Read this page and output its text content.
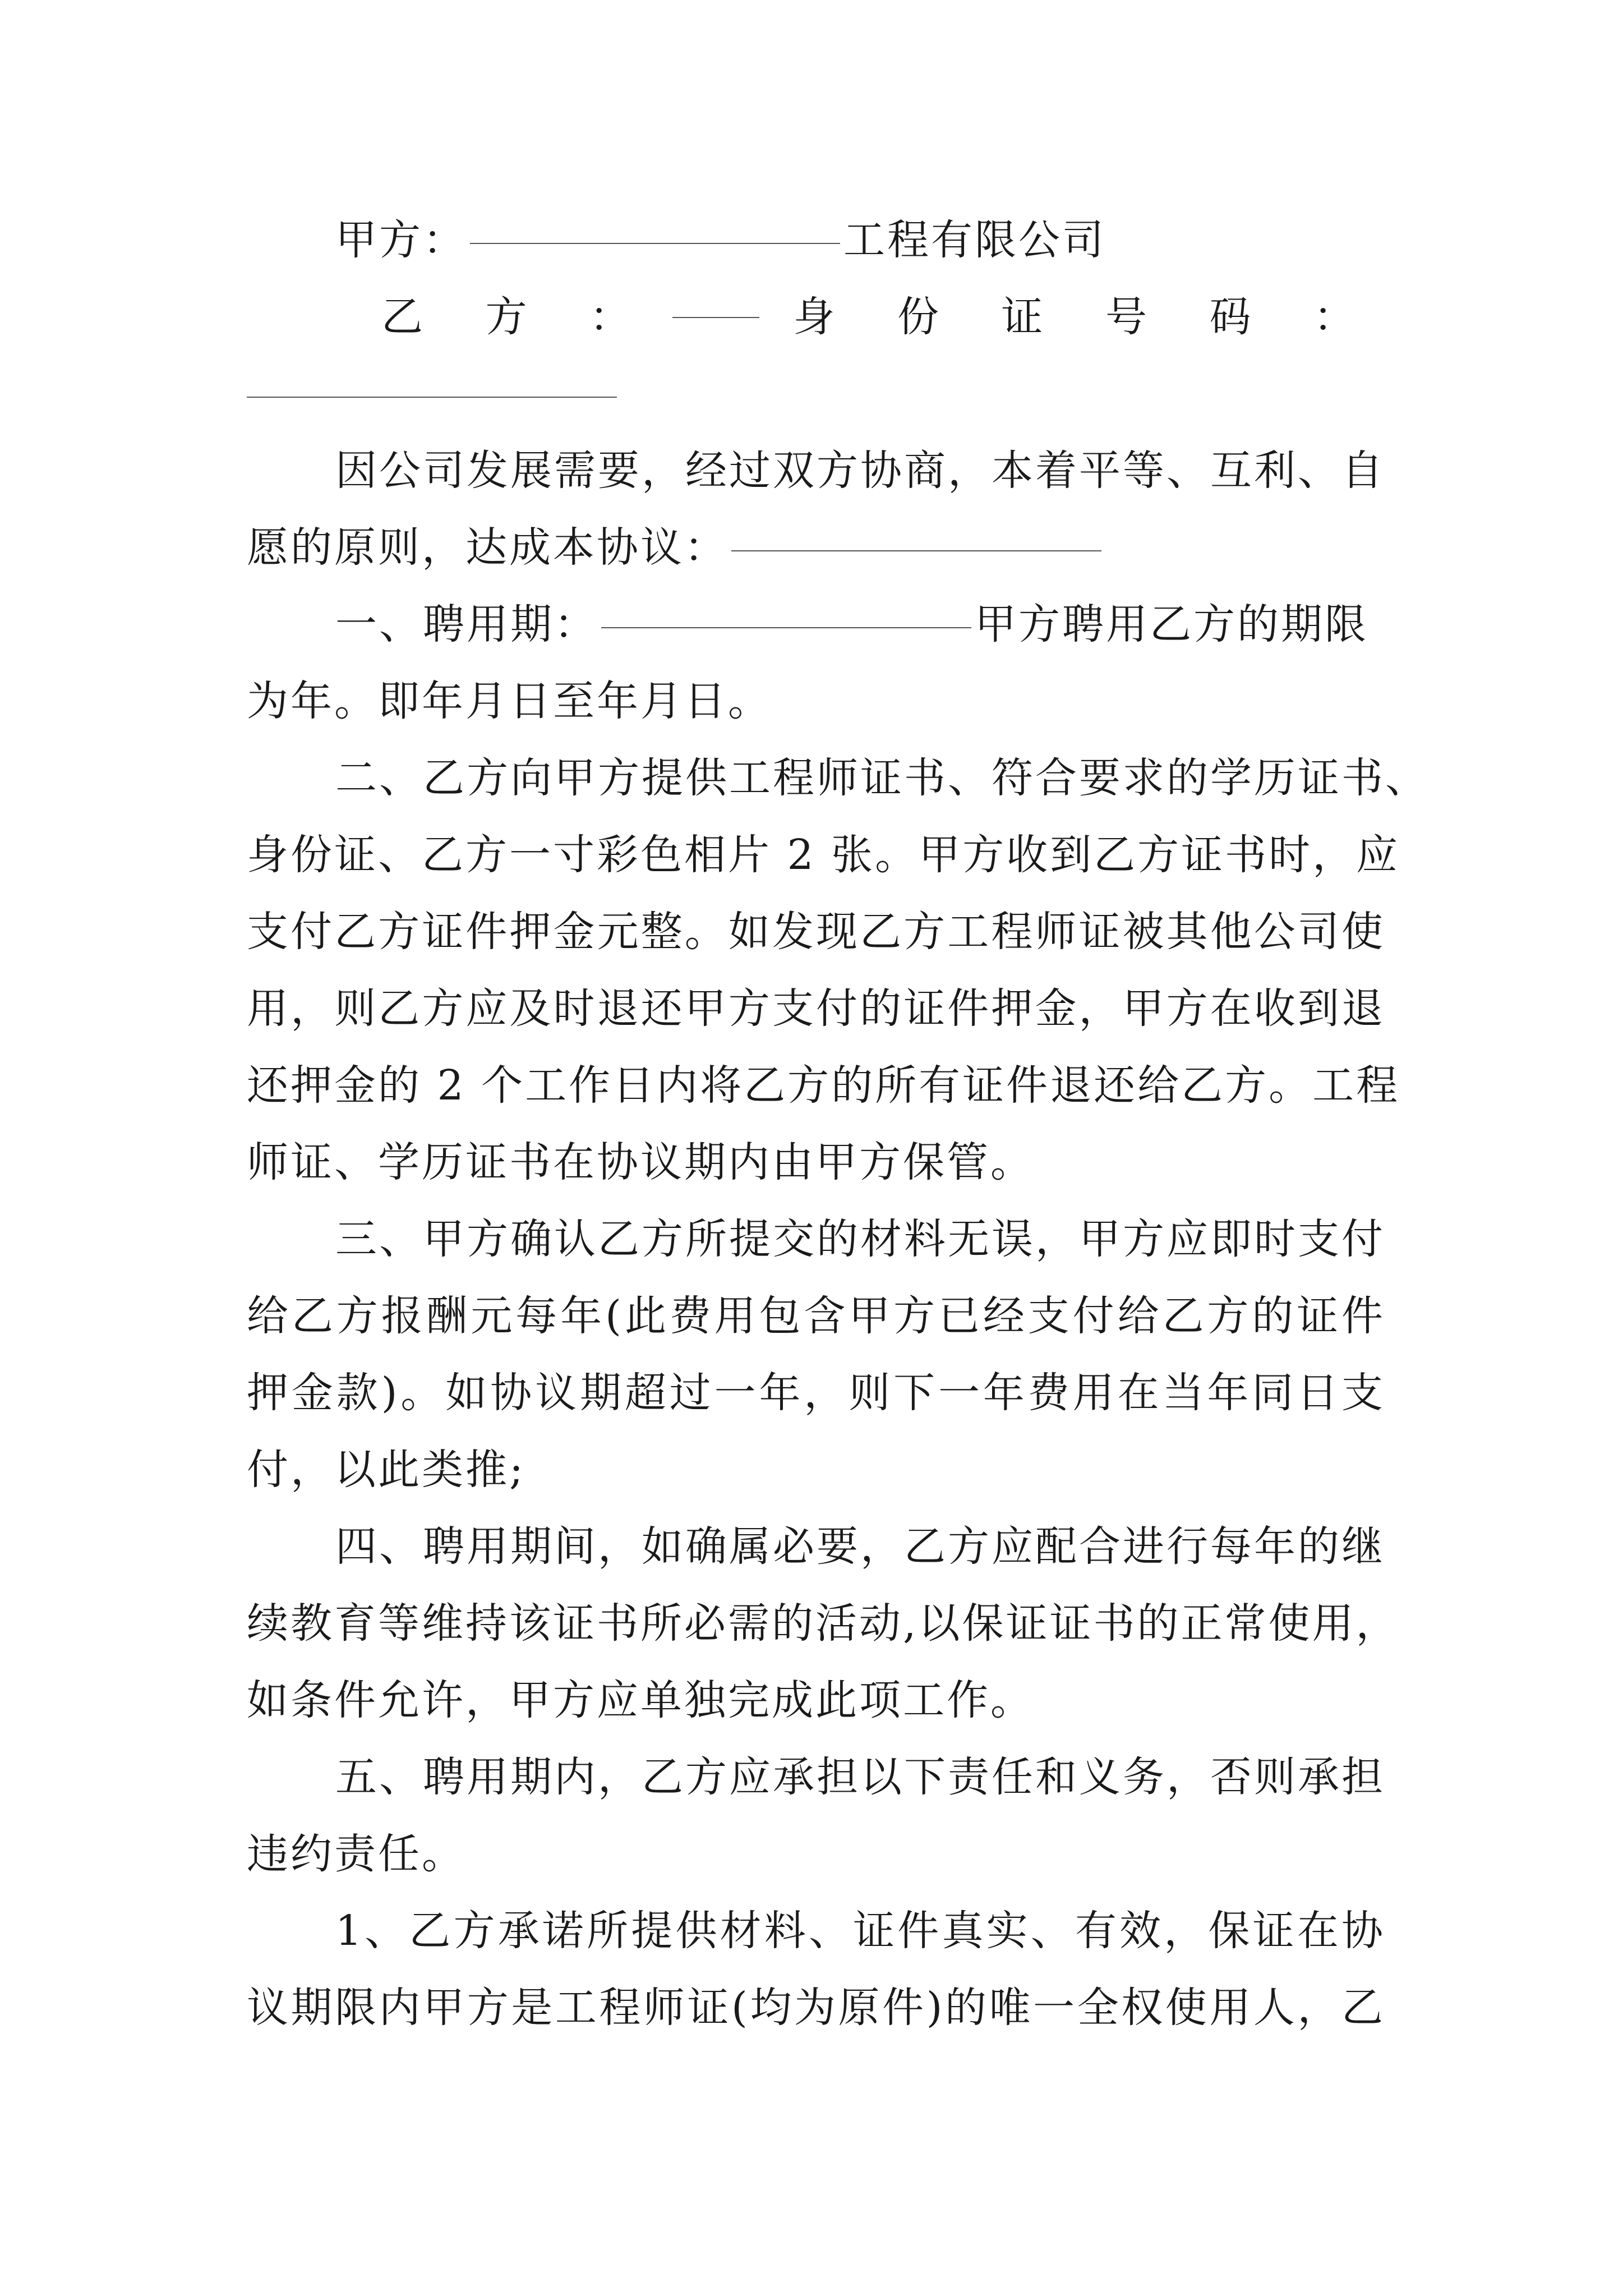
甲方：	工程有限公司
乙 方 ：	身 份 证 号 码 ：
因公司发展需要，经过双方协商，本着平等、互利、自
愿的原则，达成本协议：
一、聘用期：	甲方聘用乙方的期限
为年。即年月日至年月日。
二、乙方向甲方提供工程师证书、符合要求的学历证书、
身份证、乙方一寸彩色相片 2 张。甲方收到乙方证书时，应
支付乙方证件押金元整。如发现乙方工程师证被其他公司使
用，则乙方应及时退还甲方支付的证件押金，甲方在收到退
还押金的 2 个工作日内将乙方的所有证件退还给乙方。工程
师证、学历证书在协议期内由甲方保管。
三、甲方确认乙方所提交的材料无误，甲方应即时支付
给乙方报酬元每年(此费用包含甲方已经支付给乙方的证件
押金款)。如协议期超过一年，则下一年费用在当年同日支
付，以此类推;
四、聘用期间，如确属必要，乙方应配合进行每年的继
续教育等维持该证书所必需的活动,以保证证书的正常使用，
如条件允许，甲方应单独完成此项工作。
五、聘用期内，乙方应承担以下责任和义务，否则承担
违约责任。
1、乙方承诺所提供材料、证件真实、有效，保证在协
议期限内甲方是工程师证(均为原件)的唯一全权使用人，乙
